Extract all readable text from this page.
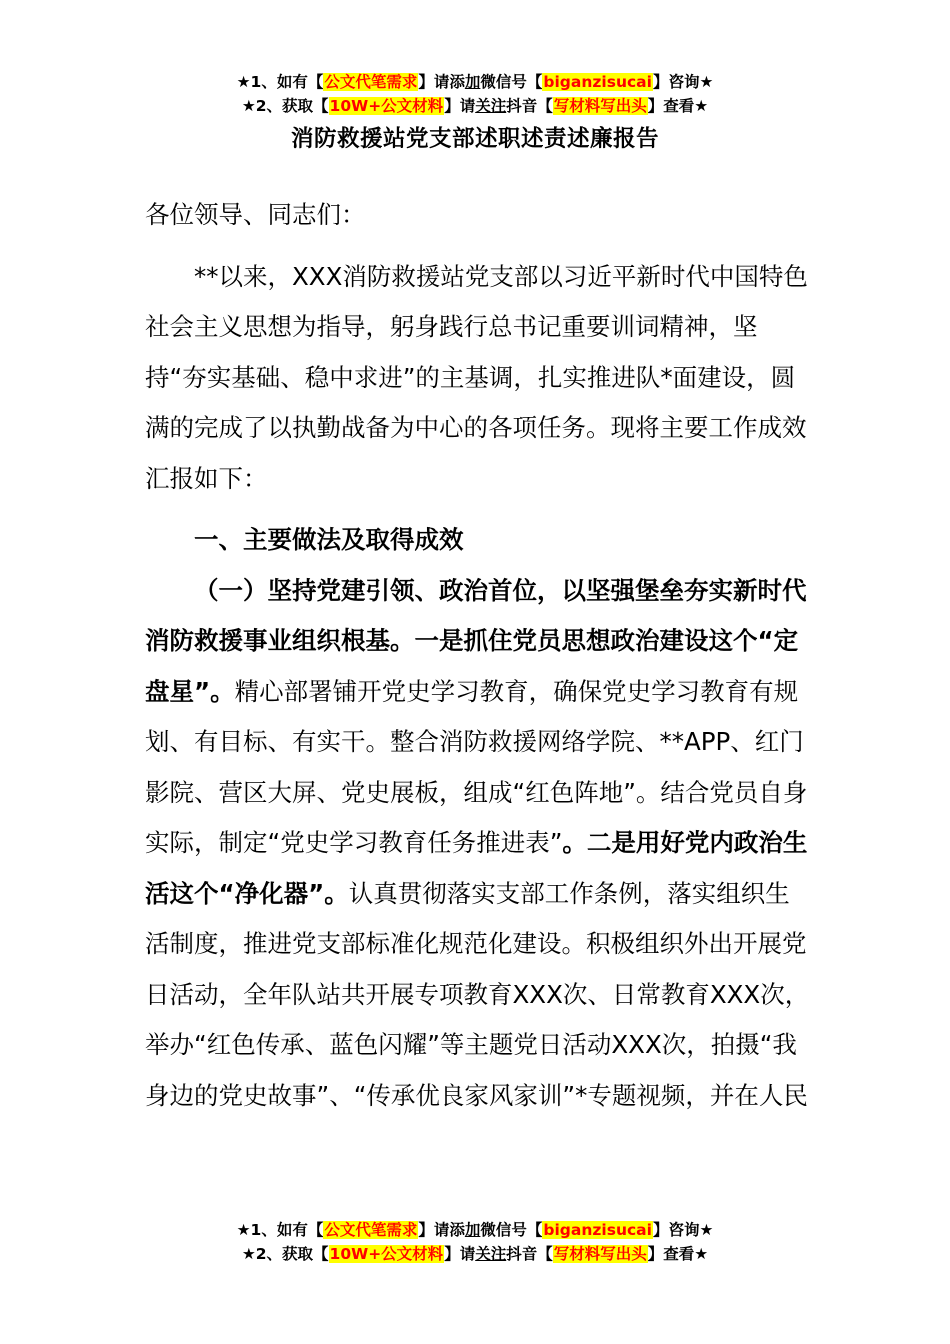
★1、如有【公文代笔需求】请添加微信号【biganzisucai】咨询★
★2、获取【10W+公文材料】请关注抖音【写材料写出头】查看★
消防救援站党支部述职述责述廉报告

各位领导、同志们：

**以来，XXX消防救援站党支部以习近平新时代中国特色社会主义思想为指导，躬身践行总书记重要训词精神，坚持“夯实基础、稳中求进”的主基调，扎实推进队*面建设，圆满的完成了以执勤战备为中心的各项任务。现将主要工作成效汇报如下：

一、主要做法及取得成效

（一）坚持党建引领、政治首位，以坚强堡垒夯实新时代消防救援事业组织根基。一是抓住党员思想政治建设这个“定盘星”。精心部署铺开党史学习教育，确保党史学习教育有规划、有目标、有实干。整合消防救援网络学院、**APP、红门影院、营区大屏、党史展板，组成“红色阵地”。结合党员自身实际，制定“党史学习教育任务推进表”。二是用好党内政治生活这个“净化器”。认真贯彻落实支部工作条例，落实组织生活制度，推进党支部标准化规范化建设。积极组织外出开展党日活动，全年队站共开展专项教育XXX次、日常教育XXX次，举办“红色传承、蓝色闪耀”等主题党日活动XXX次，拍摄“我身边的党史故事”、“传承优良家风家训”*专题视频，并在人民

★1、如有【公文代笔需求】请添加微信号【biganzisucai】咨询★
★2、获取【10W+公文材料】请关注抖音【写材料写出头】查看★
